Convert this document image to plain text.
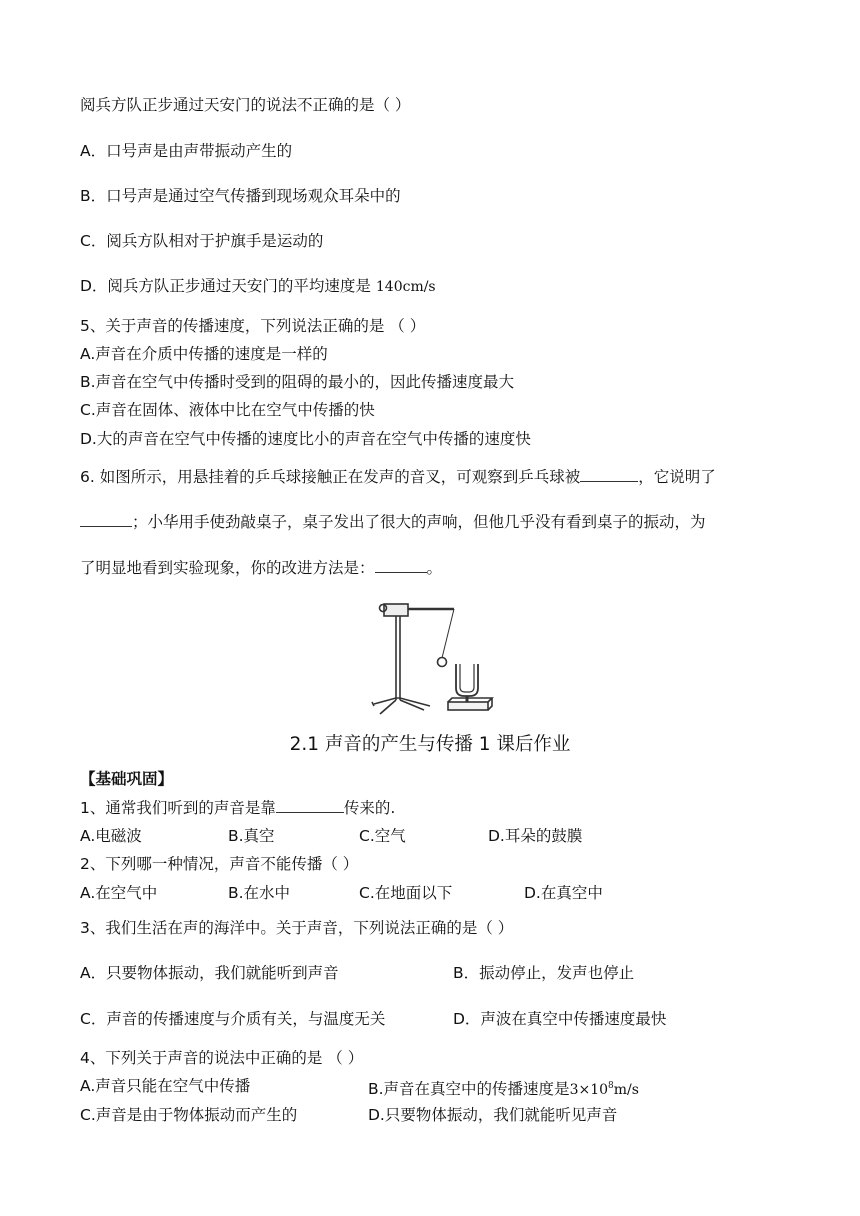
阅兵方队正步通过天安门的说法不正确的是（ ）
A．口号声是由声带振动产生的
B．口号声是通过空气传播到现场观众耳朵中的
C．阅兵方队相对于护旗手是运动的
D．阅兵方队正步通过天安门的平均速度是 140cm/s
5、关于声音的传播速度，下列说法正确的是 （ ）
A.声音在介质中传播的速度是一样的
B.声音在空气中传播时受到的阻碍的最小的，因此传播速度最大
C.声音在固体、液体中比在空气中传播的快
D.大的声音在空气中传播的速度比小的声音在空气中传播的速度快
6. 如图所示，用悬挂着的乒乓球接触正在发声的音叉，可观察到乒乓球被	，它说明了
；小华用手使劲敲桌子，桌子发出了很大的声响，但他几乎没有看到桌子的振动，为
了明显地看到实验现象，你的改进方法是：	。
2.1 声音的产生与传播 1 课后作业
【基础巩固】
1、通常我们听到的声音是靠	传来的.
A.电磁波	B.真空	C.空气	D.耳朵的鼓膜
2、下列哪一种情况，声音不能传播（ ）
A.在空气中	B.在水中	C.在地面以下	D.在真空中
3、我们生活在声的海洋中。关于声音，下列说法正确的是（ ）
A．只要物体振动，我们就能听到声音	B．振动停止，发声也停止
C．声音的传播速度与介质有关，与温度无关	D．声波在真空中传播速度最快
4、下列关于声音的说法中正确的是 （ ）
A.声音只能在空气中传播	B.声音在真空中的传播速度是$3\times 10^8m/s$
C.声音是由于物体振动而产生的	D.只要物体振动，我们就能听见声音
